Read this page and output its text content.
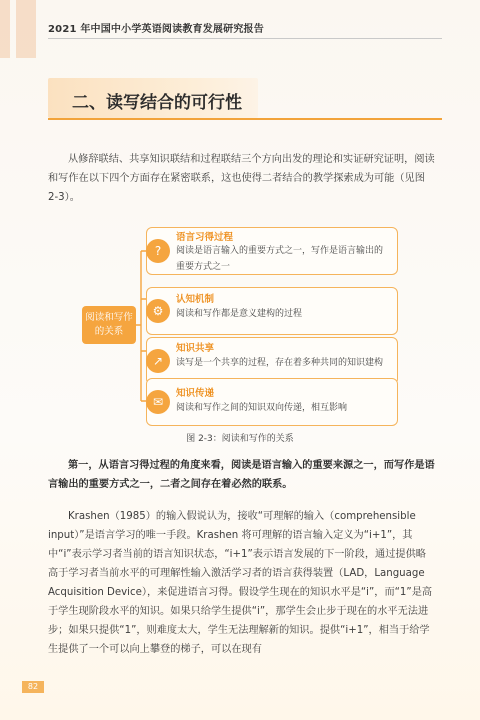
2021 年中国中小学英语阅读教育发展研究报告
二、读写结合的可行性

从修辞联结、共享知识联结和过程联结三个方向出发的理论和实证研究证明，阅读和写作在以下四个方面存在紧密联系，这也使得二者结合的教学探索成为可能（见图 2-3）。

阅读和写作的关系
?
语言习得过程
阅读是语言输入的重要方式之一，写作是语言输出的重要方式之一
⚙
认知机制
阅读和写作都是意义建构的过程
↗
知识共享
读写是一个共享的过程，存在着多种共同的知识建构
✉
知识传递
阅读和写作之间的知识双向传递，相互影响
图 2-3：阅读和写作的关系

第一，从语言习得过程的角度来看，阅读是语言输入的重要来源之一，而写作是语言输出的重要方式之一，二者之间存在着必然的联系。

Krashen（1985）的输入假说认为，接收“可理解的输入（comprehensible input）”是语言学习的唯一手段。Krashen 将可理解的语言输入定义为“i+1”，其中“i”表示学习者当前的语言知识状态，“i+1”表示语言发展的下一阶段，通过提供略高于学习者当前水平的可理解性输入激活学习者的语言获得装置（LAD，Language Acquisition Device），来促进语言习得。假设学生现在的知识水平是“i”，而“1”是高于学生现阶段水平的知识。如果只给学生提供“i”，那学生会止步于现在的水平无法进步；如果只提供“1”，则难度太大，学生无法理解新的知识。提供“i+1”，相当于给学生提供了一个可以向上攀登的梯子，可以在现有

82
